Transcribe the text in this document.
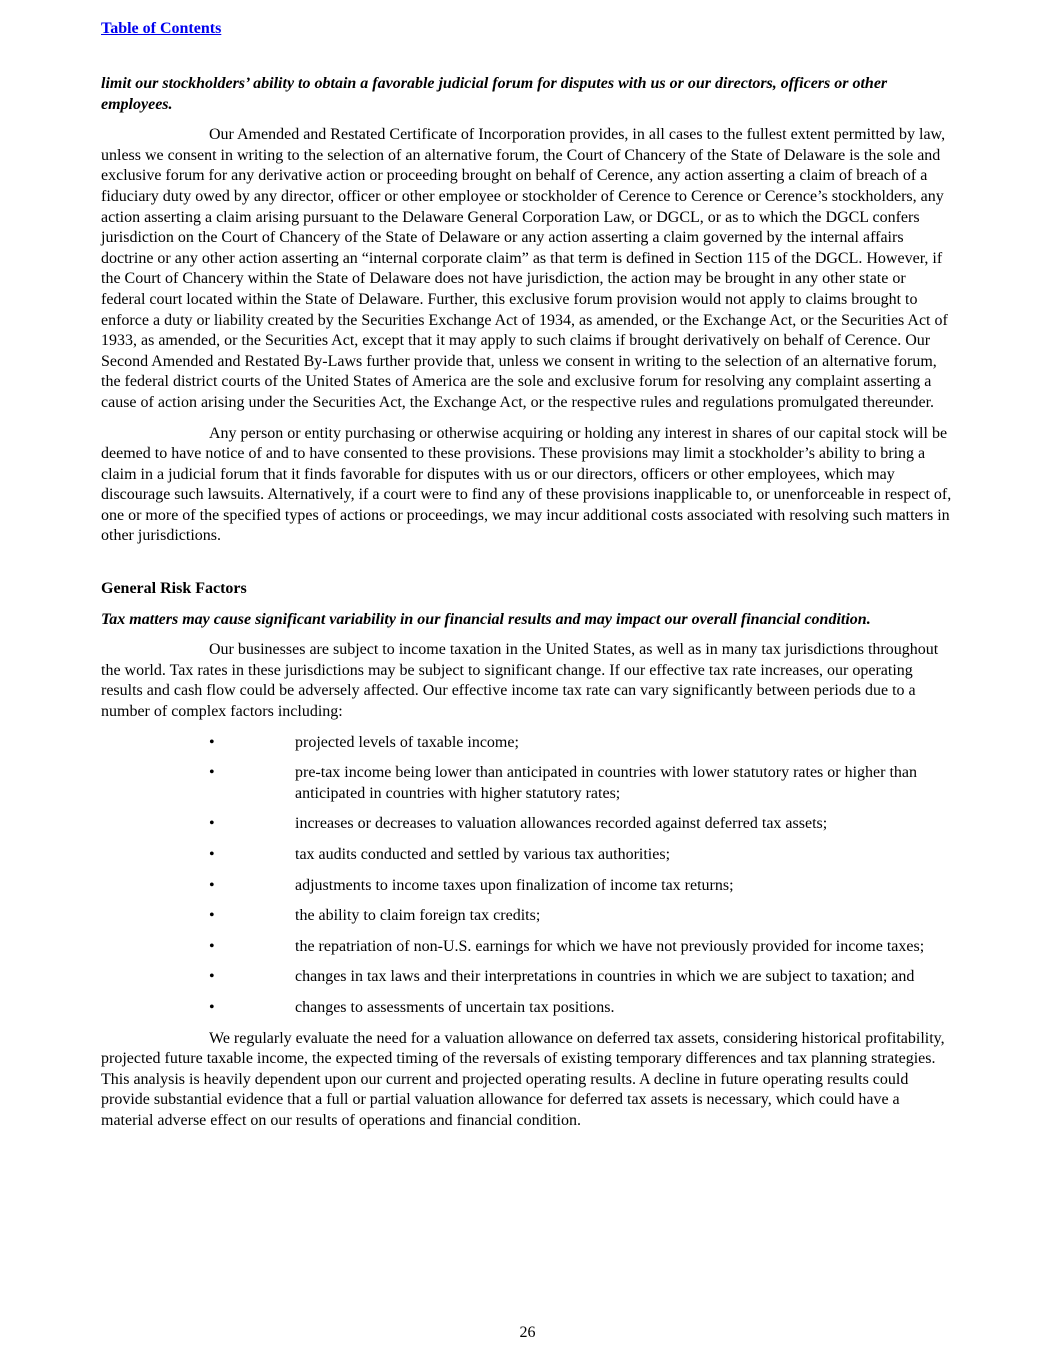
Table of Contents

limit our stockholders’ ability to obtain a favorable judicial forum for disputes with us or our directors, officers or other employees.

Our Amended and Restated Certificate of Incorporation provides, in all cases to the fullest extent permitted by law, unless we consent in writing to the selection of an alternative forum, the Court of Chancery of the State of Delaware is the sole and exclusive forum for any derivative action or proceeding brought on behalf of Cerence, any action asserting a claim of breach of a fiduciary duty owed by any director, officer or other employee or stockholder of Cerence to Cerence or Cerence’s stockholders, any action asserting a claim arising pursuant to the Delaware General Corporation Law, or DGCL, or as to which the DGCL confers jurisdiction on the Court of Chancery of the State of Delaware or any action asserting a claim governed by the internal affairs doctrine or any other action asserting an “internal corporate claim” as that term is defined in Section 115 of the DGCL. However, if the Court of Chancery within the State of Delaware does not have jurisdiction, the action may be brought in any other state or federal court located within the State of Delaware. Further, this exclusive forum provision would not apply to claims brought to enforce a duty or liability created by the Securities Exchange Act of 1934, as amended, or the Exchange Act, or the Securities Act of 1933, as amended, or the Securities Act, except that it may apply to such claims if brought derivatively on behalf of Cerence. Our Second Amended and Restated By-Laws further provide that, unless we consent in writing to the selection of an alternative forum, the federal district courts of the United States of America are the sole and exclusive forum for resolving any complaint asserting a cause of action arising under the Securities Act, the Exchange Act, or the respective rules and regulations promulgated thereunder.

Any person or entity purchasing or otherwise acquiring or holding any interest in shares of our capital stock will be deemed to have notice of and to have consented to these provisions. These provisions may limit a stockholder’s ability to bring a claim in a judicial forum that it finds favorable for disputes with us or our directors, officers or other employees, which may discourage such lawsuits. Alternatively, if a court were to find any of these provisions inapplicable to, or unenforceable in respect of, one or more of the specified types of actions or proceedings, we may incur additional costs associated with resolving such matters in other jurisdictions.

General Risk Factors

Tax matters may cause significant variability in our financial results and may impact our overall financial condition.

Our businesses are subject to income taxation in the United States, as well as in many tax jurisdictions throughout the world. Tax rates in these jurisdictions may be subject to significant change. If our effective tax rate increases, our operating results and cash flow could be adversely affected. Our effective income tax rate can vary significantly between periods due to a number of complex factors including:

•	projected levels of taxable income;
•	pre-tax income being lower than anticipated in countries with lower statutory rates or higher than anticipated in countries with higher statutory rates;
•	increases or decreases to valuation allowances recorded against deferred tax assets;
•	tax audits conducted and settled by various tax authorities;
•	adjustments to income taxes upon finalization of income tax returns;
•	the ability to claim foreign tax credits;
•	the repatriation of non-U.S. earnings for which we have not previously provided for income taxes;
•	changes in tax laws and their interpretations in countries in which we are subject to taxation; and
•	changes to assessments of uncertain tax positions.

We regularly evaluate the need for a valuation allowance on deferred tax assets, considering historical profitability, projected future taxable income, the expected timing of the reversals of existing temporary differences and tax planning strategies. This analysis is heavily dependent upon our current and projected operating results. A decline in future operating results could provide substantial evidence that a full or partial valuation allowance for deferred tax assets is necessary, which could have a material adverse effect on our results of operations and financial condition.

26
